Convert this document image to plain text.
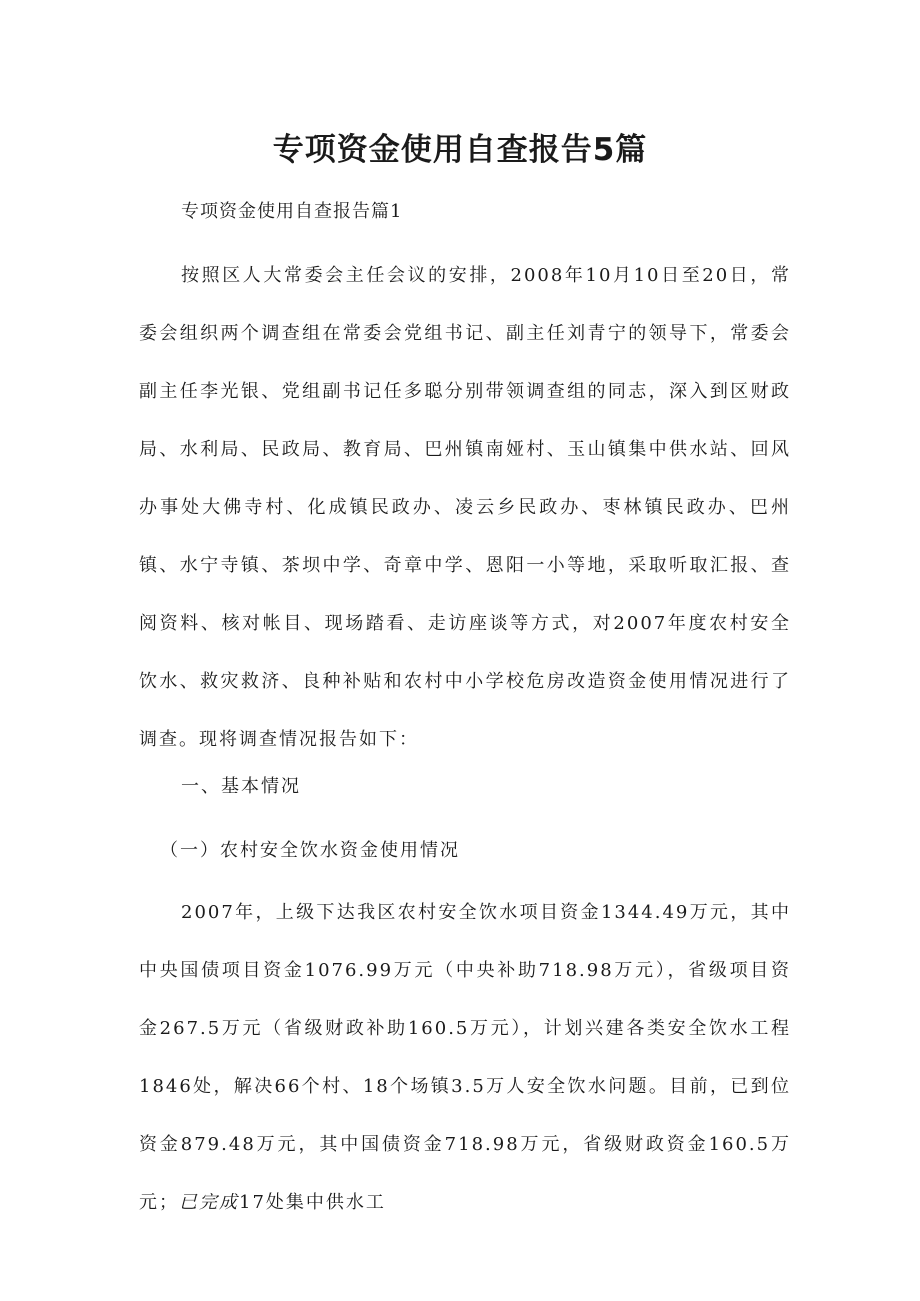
专项资金使用自查报告5篇

专项资金使用自查报告篇1

按照区人大常委会主任会议的安排，2008年10月10日至20日，常委会组织两个调查组在常委会党组书记、副主任刘青宁的领导下，常委会副主任李光银、党组副书记任多聪分别带领调查组的同志，深入到区财政局、水利局、民政局、教育局、巴州镇南娅村、玉山镇集中供水站、回风办事处大佛寺村、化成镇民政办、凌云乡民政办、枣林镇民政办、巴州镇、水宁寺镇、茶坝中学、奇章中学、恩阳一小等地，采取听取汇报、查阅资料、核对帐目、现场踏看、走访座谈等方式，对2007年度农村安全饮水、救灾救济、良种补贴和农村中小学校危房改造资金使用情况进行了调查。现将调查情况报告如下：

一、基本情况

（一）农村安全饮水资金使用情况

2007年，上级下达我区农村安全饮水项目资金1344.49万元，其中中央国债项目资金1076.99万元（中央补助718.98万元），省级项目资金267.5万元（省级财政补助160.5万元），计划兴建各类安全饮水工程1846处，解决66个村、18个场镇3.5万人安全饮水问题。目前，已到位资金879.48万元，其中国债资金718.98万元，省级财政资金160.5万元；已完成17处集中供水工
